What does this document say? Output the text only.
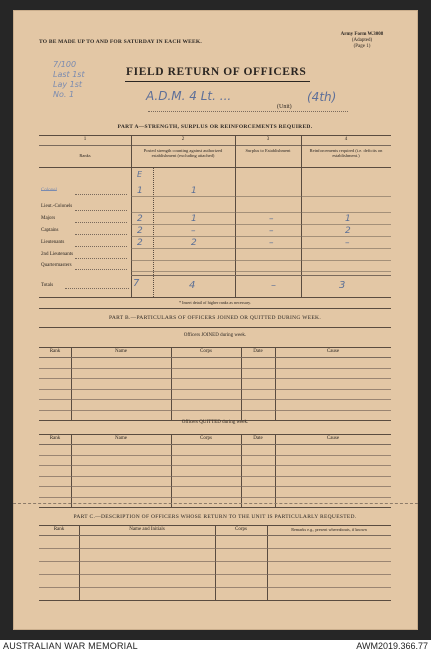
TO BE MADE UP TO AND FOR SATURDAY IN EACH WEEK.
Army Form W.3008
(Adapted)
(Page 1)
7/100
Last 1st
Lay 1st
No. 1
FIELD RETURN OF OFFICERS
A.D.M. 4 Lt. ...
(Unit)
(4th)
PART A—STRENGTH, SURPLUS OR REINFORCEMENTS REQUIRED.
1	2	3	4
Ranks
Posted strength counting against authorized establishment (excluding attached)
Surplus to Establishment	Reinforcements required (i.e. deficits on establishment.)
E
Colonel	1	1
Lieut.-Colonels
Majors	2	1	–	1
Captains	2	–	–	2
Lieutenants	2	2	–	–
2nd Lieutenants
Quartermasters
Totals	7	4	–	3
* Insert detail of higher ranks as necessary.
PART B.—PARTICULARS OF OFFICERS JOINED OR QUITTED DURING WEEK.
Officers JOINED during week.
Rank	Name	Corps	Date	Cause
Officers QUITTED during week.
Rank	Name	Corps	Date	Cause
PART C.—DESCRIPTION OF OFFICERS WHOSE RETURN TO THE UNIT IS PARTICULARLY REQUESTED.
Rank	Name and Initials	Corps	Remarks e.g., present whereabouts, if known
AUSTRALIAN WAR MEMORIAL	AWM2019.366.77
